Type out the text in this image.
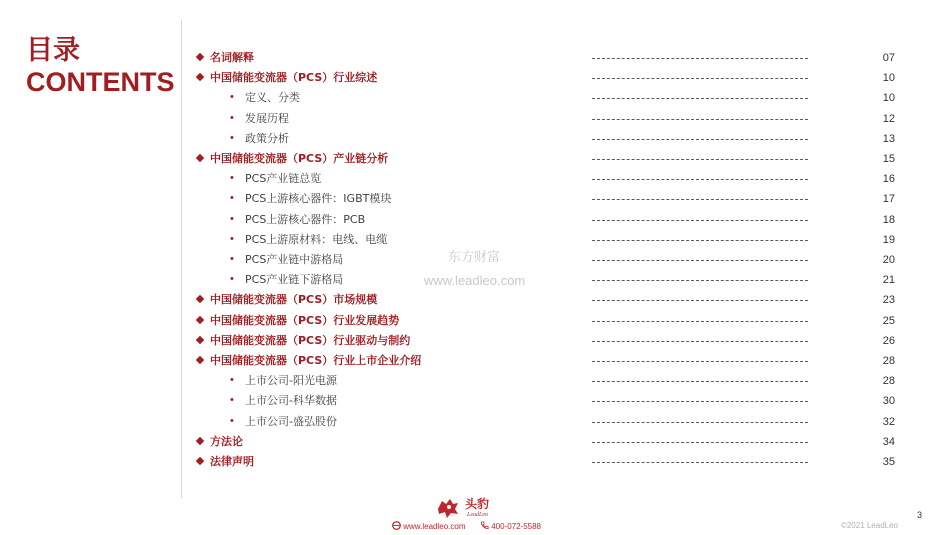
目录
CONTENTS
名词解释	07
中国储能变流器（PCS）行业综述	10
• 定义、分类	10
• 发展历程	12
• 政策分析	13
中国储能变流器（PCS）产业链分析	15
• PCS产业链总览	16
• PCS上游核心器件：IGBT模块	17
• PCS上游核心器件：PCB	18
• PCS上游原材料：电线、电缆	19
• PCS产业链中游格局	20
• PCS产业链下游格局	21
中国储能变流器（PCS）市场规模	23
中国储能变流器（PCS）行业发展趋势	25
中国储能变流器（PCS）行业驱动与制约	26
中国储能变流器（PCS）行业上市企业介绍	28
• 上市公司-阳光电源	28
• 上市公司-科华数据	30
• 上市公司-盛弘股份	32
方法论	34
法律声明	35
东方财富
www.leadleo.com
头豹
LeadLeo
www.leadleo.com	400-072-5588	©2021 LeadLeo
3
